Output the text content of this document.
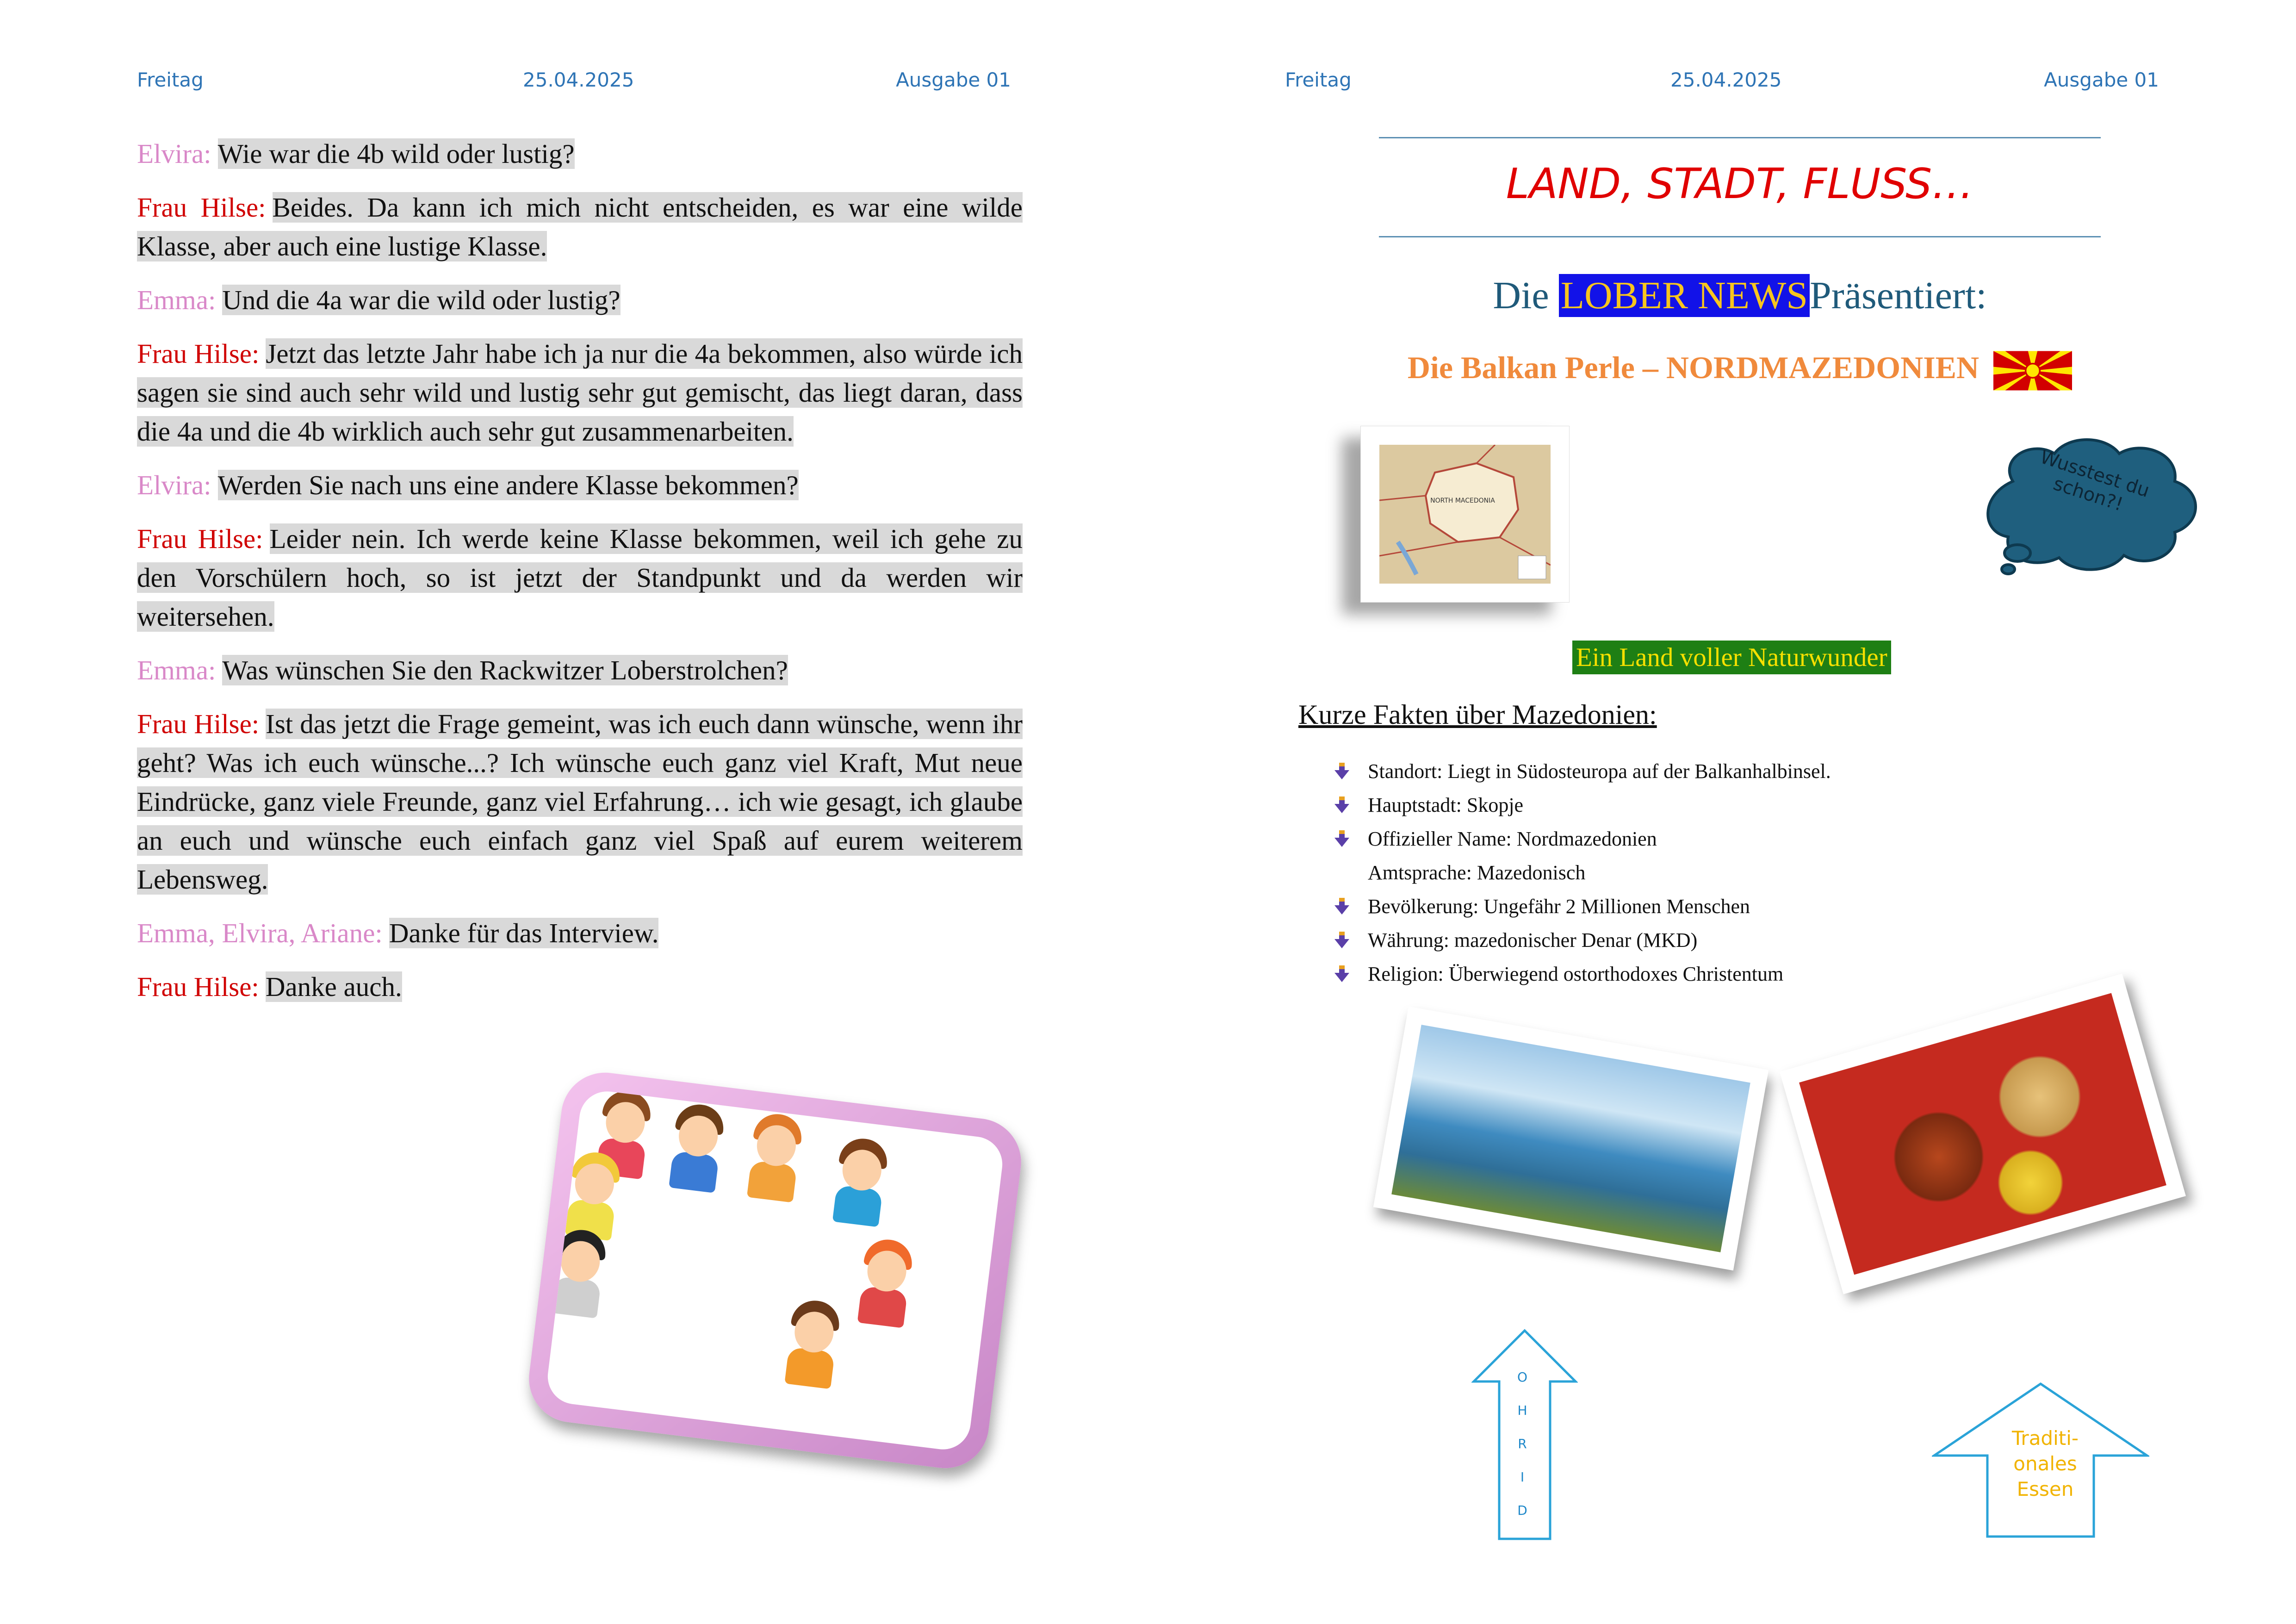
Freitag	25.04.2025	Ausgabe 01

Elvira: Wie war die 4b wild oder lustig?

Frau Hilse: Beides. Da kann ich mich nicht entscheiden, es war eine wilde Klasse, aber auch eine lustige Klasse.

Emma: Und die 4a war die wild oder lustig?

Frau Hilse: Jetzt das letzte Jahr habe ich ja nur die 4a bekommen, also würde ich sagen sie sind auch sehr wild und lustig sehr gut gemischt, das liegt daran, dass die 4a und die 4b wirklich auch sehr gut zusammenarbeiten.

Elvira: Werden Sie nach uns eine andere Klasse bekommen?

Frau Hilse: Leider nein. Ich werde keine Klasse bekommen, weil ich gehe zu den Vorschülern hoch, so ist jetzt der Standpunkt und da werden wir weitersehen.

Emma: Was wünschen Sie den Rackwitzer Loberstrolchen?

Frau Hilse: Ist das jetzt die Frage gemeint, was ich euch dann wünsche, wenn ihr geht? Was ich euch wünsche...? Ich wünsche euch ganz viel Kraft, Mut neue Eindrücke, ganz viele Freunde, ganz viel Erfahrung… ich wie gesagt, ich glaube an euch und wünsche euch einfach ganz viel Spaß auf eurem weiterem Lebensweg.

Emma, Elvira, Ariane: Danke für das Interview.

Frau Hilse: Danke auch.

Freitag	25.04.2025	Ausgabe 01
LAND, STADT, FLUSS…
Die LOBER NEWSPräsentiert:
Die Balkan Perle – NORDMAZEDONIEN
NORTH MACEDONIA	Wusstest du schon?!
Ein Land voller Naturwunder
Kurze Fakten über Mazedonien:
Standort: Liegt in Südosteuropa auf der Balkanhalbinsel.
Hauptstadt: Skopje
Offizieller Name: Nordmazedonien
Amtsprache: Mazedonisch
Bevölkerung: Ungefähr 2 Millionen Menschen
Währung: mazedonischer Denar (MKD)
Religion: Überwiegend ostorthodoxes Christentum
O
H
R
I
D
Traditi-
onales
Essen
